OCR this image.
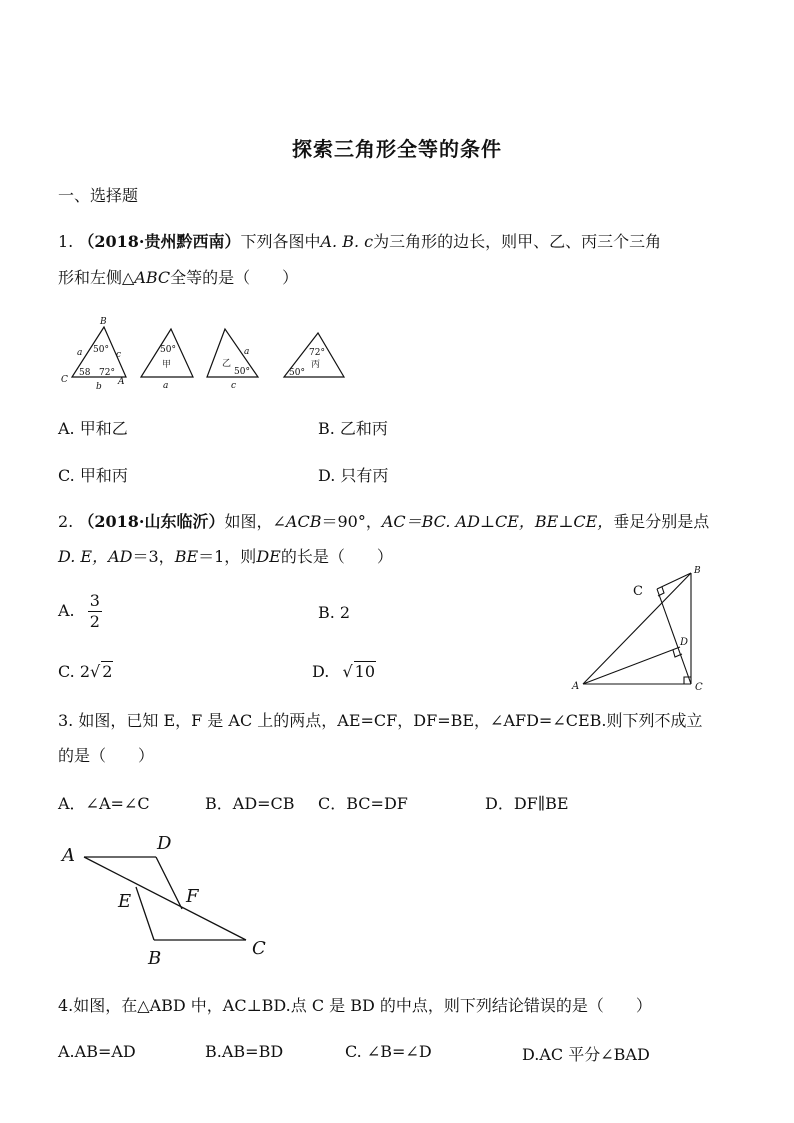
探索三角形全等的条件
一、选择题
1. （2018·贵州黔西南）下列各图中A. B. c为三角形的边长，则甲、乙、丙三个三角
形和左侧△ABC全等的是（　　）
B
C	A
a
b
c
50°
58 72°
50°
甲
a
乙
50°
a
c
72°
丙
50°
A. 甲和乙	B. 乙和丙
C. 甲和丙	D. 只有丙
2. （2018·山东临沂）如图，∠ACB＝90°，AC＝BC. AD⊥CE，BE⊥CE，垂足分别是点
D. E，AD＝3，BE＝1，则DE的长是（　　）
A. $\frac{3}{2}$	B. 2
C. 2√ 2	D. √ 10
B
C
D
A	C
3. 如图，已知 E，F 是 AC 上的两点，AE=CF，DF=BE，∠AFD=∠CEB.则下列不成立
的是（　　）
A．∠A=∠C	B．AD=CB C．BC=DF	D．DF∥BE
A
D
E	F
B	C
4.如图，在△ABD 中，AC⊥BD.点 C 是 BD 的中点，则下列结论错误的是（　　）
A.AB=AD	B.AB=BD	C. ∠B=∠D	D.AC 平分∠BAD
